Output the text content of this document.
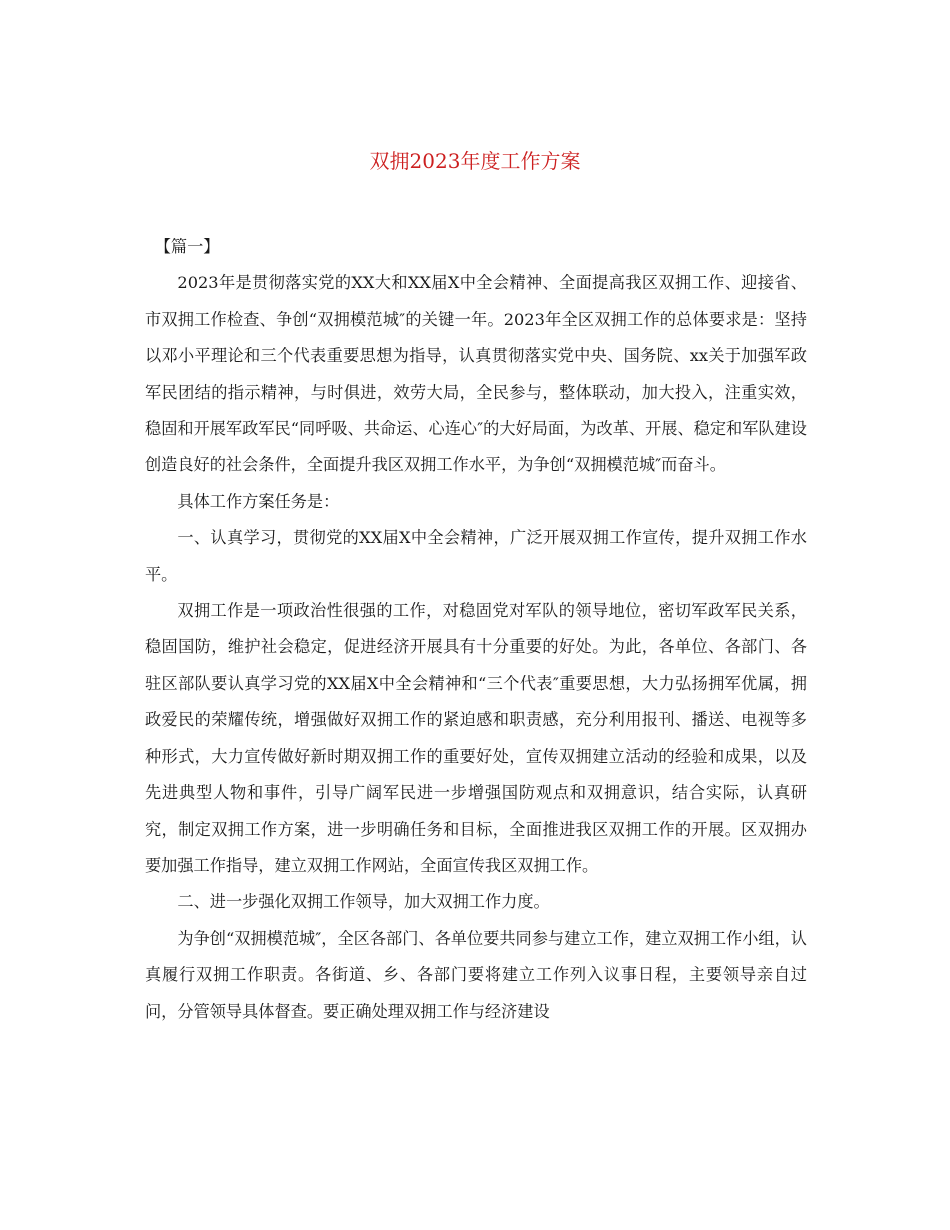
双拥2023年度工作方案

【篇一】

2023年是贯彻落实党的XX大和XX届X中全会精神、全面提高我区双拥工作、迎接省、市双拥工作检查、争创“双拥模范城″的关键一年。2023年全区双拥工作的总体要求是：坚持以邓小平理论和三个代表重要思想为指导，认真贯彻落实党中央、国务院、xx关于加强军政军民团结的指示精神，与时俱进，效劳大局，全民参与，整体联动，加大投入，注重实效，稳固和开展军政军民“同呼吸、共命运、心连心″的大好局面，为改革、开展、稳定和军队建设创造良好的社会条件，全面提升我区双拥工作水平，为争创“双拥模范城″而奋斗。

具体工作方案任务是：

一、认真学习，贯彻党的XX届X中全会精神，广泛开展双拥工作宣传，提升双拥工作水平。

双拥工作是一项政治性很强的工作，对稳固党对军队的领导地位，密切军政军民关系，稳固国防，维护社会稳定，促进经济开展具有十分重要的好处。为此，各单位、各部门、各驻区部队要认真学习党的XX届X中全会精神和“三个代表″重要思想，大力弘扬拥军优属，拥政爱民的荣耀传统，增强做好双拥工作的紧迫感和职责感，充分利用报刊、播送、电视等多种形式，大力宣传做好新时期双拥工作的重要好处，宣传双拥建立活动的经验和成果，以及先进典型人物和事件，引导广阔军民进一步增强国防观点和双拥意识，结合实际，认真研究，制定双拥工作方案，进一步明确任务和目标，全面推进我区双拥工作的开展。区双拥办要加强工作指导，建立双拥工作网站，全面宣传我区双拥工作。

二、进一步强化双拥工作领导，加大双拥工作力度。

为争创“双拥模范城″，全区各部门、各单位要共同参与建立工作，建立双拥工作小组，认真履行双拥工作职责。各街道、乡、各部门要将建立工作列入议事日程，主要领导亲自过问，分管领导具体督查。要正确处理双拥工作与经济建设
